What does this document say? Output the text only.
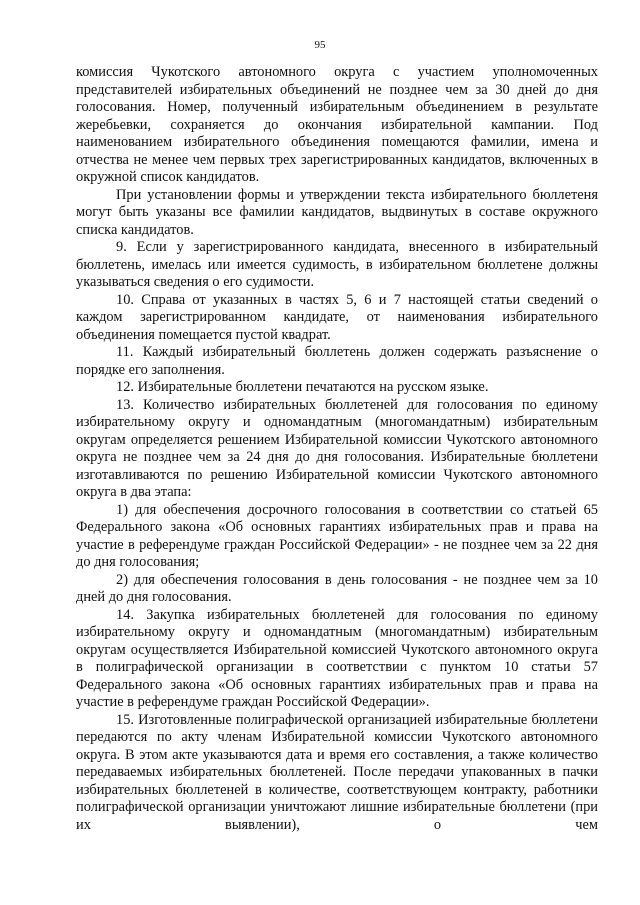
95

комиссия Чукотского автономного округа с участием уполномоченных представителей избирательных объединений не позднее чем за 30 дней до дня голосования. Номер, полученный избирательным объединением в результате жеребьевки, сохраняется до окончания избирательной кампании. Под наименованием избирательного объединения помещаются фамилии, имена и отчества не менее чем первых трех зарегистрированных кандидатов, включенных в окружной список кандидатов.

При установлении формы и утверждении текста избирательного бюллетеня могут быть указаны все фамилии кандидатов, выдвинутых в составе окружного списка кандидатов.

9. Если у зарегистрированного кандидата, внесенного в избирательный бюллетень, имелась или имеется судимость, в избирательном бюллетене должны указываться сведения о его судимости.

10. Справа от указанных в частях 5, 6 и 7 настоящей статьи сведений о каждом зарегистрированном кандидате, от наименования избирательного объединения помещается пустой квадрат.

11. Каждый избирательный бюллетень должен содержать разъяснение о порядке его заполнения.

12. Избирательные бюллетени печатаются на русском языке.

13. Количество избирательных бюллетеней для голосования по единому избирательному округу и одномандатным (многомандатным) избирательным округам определяется решением Избирательной комиссии Чукотского автономного округа не позднее чем за 24 дня до дня голосования. Избирательные бюллетени изготавливаются по решению Избирательной комиссии Чукотского автономного округа в два этапа:

1) для обеспечения досрочного голосования в соответствии со статьей 65 Федерального закона «Об основных гарантиях избирательных прав и права на участие в референдуме граждан Российской Федерации» - не позднее чем за 22 дня до дня голосования;

2) для обеспечения голосования в день голосования - не позднее чем за 10 дней до дня голосования.

14. Закупка избирательных бюллетеней для голосования по единому избирательному округу и одномандатным (многомандатным) избирательным округам осуществляется Избирательной комиссией Чукотского автономного округа в полиграфической организации в соответствии с пунктом 10 статьи 57 Федерального закона «Об основных гарантиях избирательных прав и права на участие в референдуме граждан Российской Федерации».

15. Изготовленные полиграфической организацией избирательные бюллетени передаются по акту членам Избирательной комиссии Чукотского автономного округа. В этом акте указываются дата и время его составления, а также количество передаваемых избирательных бюллетеней. После передачи упакованных в пачки избирательных бюллетеней в количестве, соответствующем контракту, работники полиграфической организации уничтожают лишние избирательные бюллетени (при их выявлении), о чем
